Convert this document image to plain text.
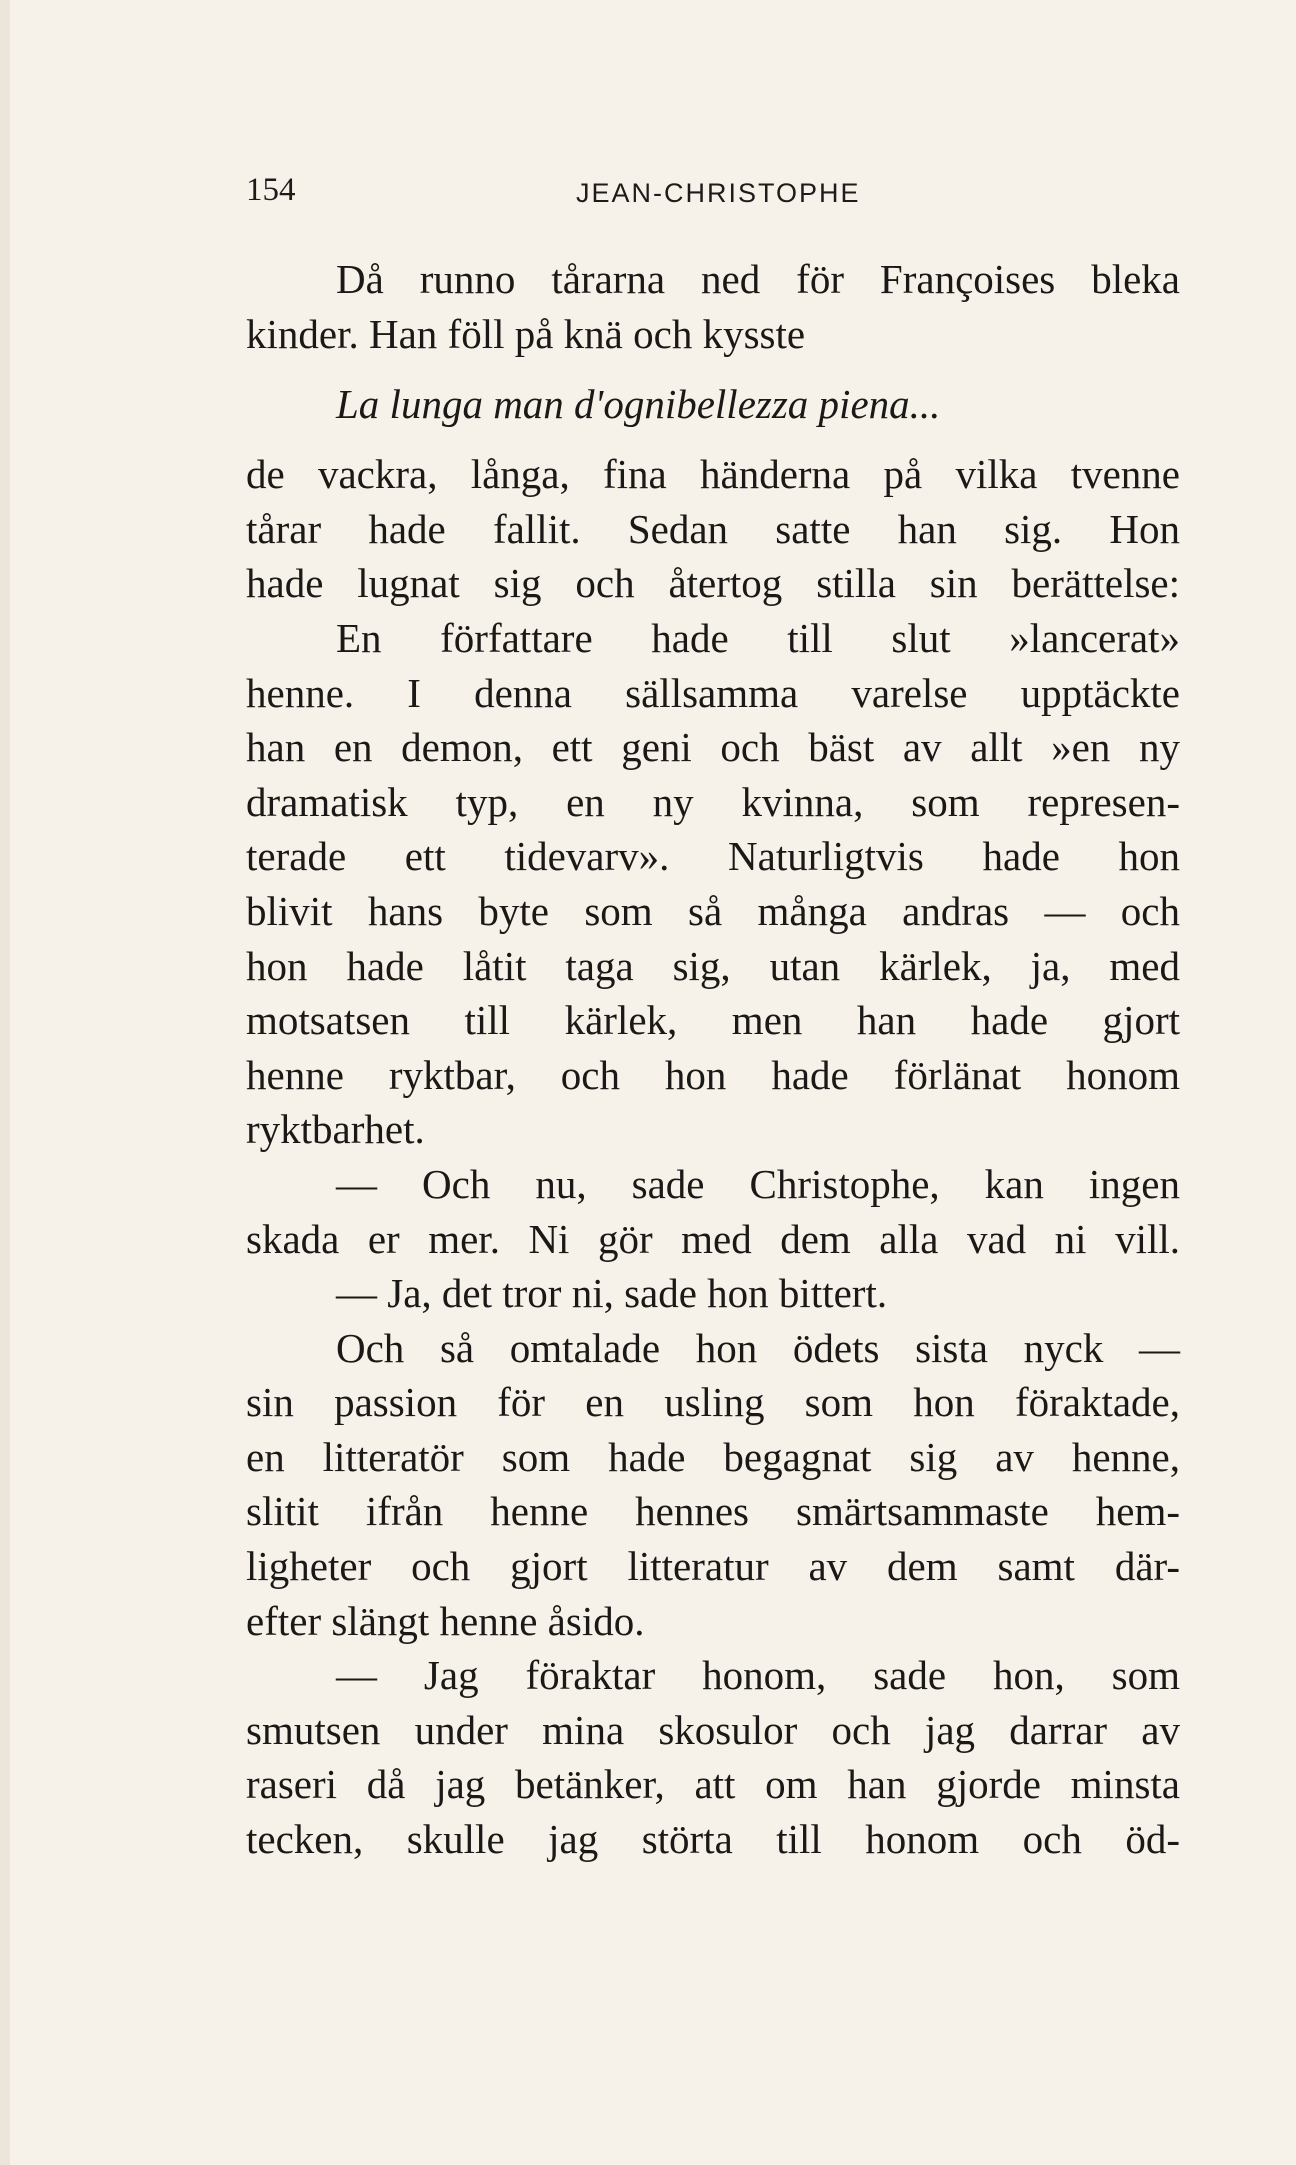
154	JEAN-CHRISTOPHE
Då runno tårarna ned för Françoises bleka
kinder. Han föll på knä och kysste
La lunga man d'ognibellezza piena...
de vackra, långa, fina händerna på vilka tvenne
tårar hade fallit. Sedan satte han sig. Hon
hade lugnat sig och återtog stilla sin berättelse:
En författare hade till slut »lancerat»
henne. I denna sällsamma varelse upptäckte
han en demon, ett geni och bäst av allt »en ny
dramatisk typ, en ny kvinna, som represen-
terade ett tidevarv». Naturligtvis hade hon
blivit hans byte som så många andras — och
hon hade låtit taga sig, utan kärlek, ja, med
motsatsen till kärlek, men han hade gjort
henne ryktbar, och hon hade förlänat honom
ryktbarhet.
— Och nu, sade Christophe, kan ingen
skada er mer. Ni gör med dem alla vad ni vill.
— Ja, det tror ni, sade hon bittert.
Och så omtalade hon ödets sista nyck —
sin passion för en usling som hon föraktade,
en litteratör som hade begagnat sig av henne,
slitit ifrån henne hennes smärtsammaste hem-
ligheter och gjort litteratur av dem samt där-
efter slängt henne åsido.
— Jag föraktar honom, sade hon, som
smutsen under mina skosulor och jag darrar av
raseri då jag betänker, att om han gjorde minsta
tecken, skulle jag störta till honom och öd-
